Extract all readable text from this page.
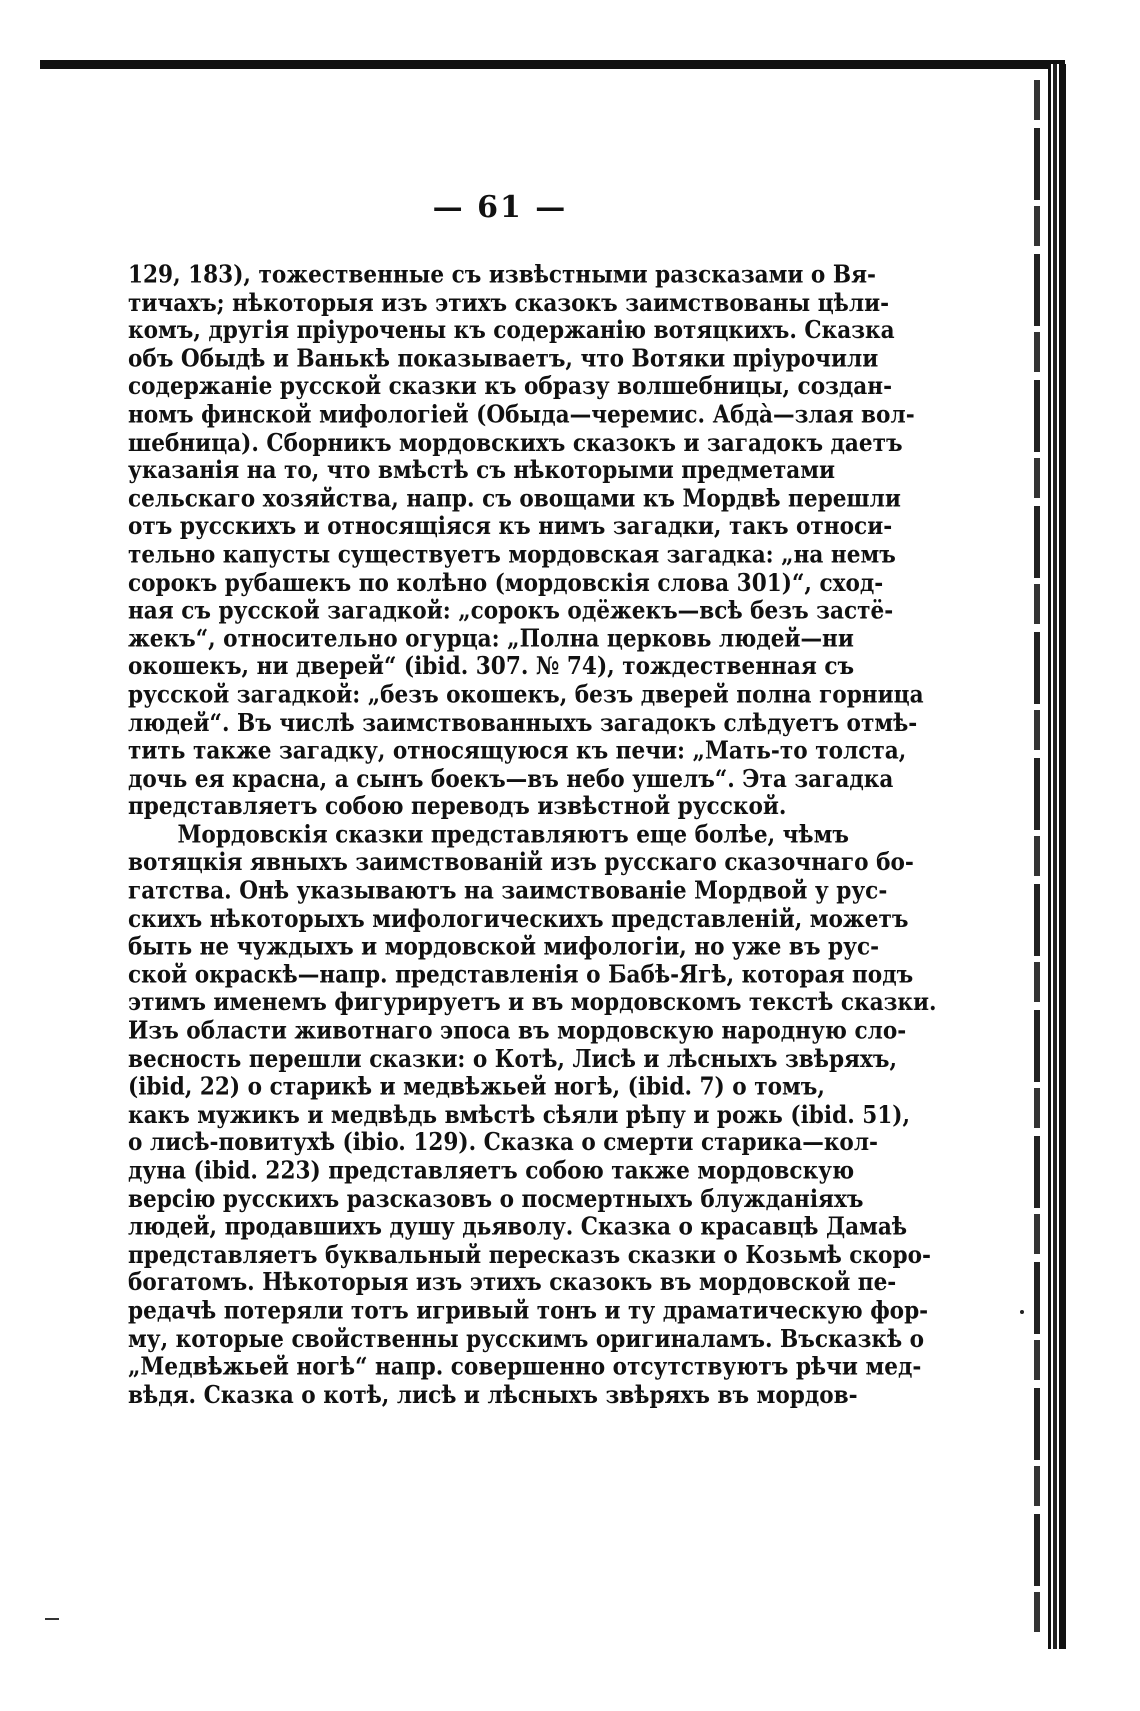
— 61 —
129, 183), тожественные съ извѣстными разсказами о Вя-
тичахъ; нѣкоторыя изъ этихъ сказокъ заимствованы цѣли-
комъ, другія пріурочены къ содержанію вотяцкихъ. Сказка
объ Обыдѣ и Ванькѣ показываетъ, что Вотяки пріурочили
содержаніе русской сказки къ образу волшебницы, создан-
номъ финской мифологіей (Обыда—черемис. Абдà—злая вол-
шебница). Сборникъ мордовскихъ сказокъ и загадокъ даетъ
указанія на то, что вмѣстѣ съ нѣкоторыми предметами
сельскаго хозяйства, напр. съ овощами къ Мордвѣ перешли
отъ русскихъ и относящіяся къ нимъ загадки, такъ относи-
тельно капусты существуетъ мордовская загадка: „на немъ
сорокъ рубашекъ по колѣно (мордовскія слова 301)“, сход-
ная съ русской загадкой: „сорокъ одёжекъ—всѣ безъ застё-
жекъ“, относительно огурца: „Полна церковь людей—ни
окошекъ, ни дверей“ (ibid. 307. № 74), тождественная съ
русской загадкой: „безъ окошекъ, безъ дверей полна горница
людей“. Въ числѣ заимствованныхъ загадокъ слѣдуетъ отмѣ-
тить также загадку, относящуюся къ печи: „Мать-то толста,
дочь ея красна, а сынъ боекъ—въ небо ушелъ“. Эта загадка
представляетъ собою переводъ извѣстной русской.
Мордовскія сказки представляютъ еще болѣе, чѣмъ
вотяцкія явныхъ заимствованій изъ русскаго сказочнаго бо-
гатства. Онѣ указываютъ на заимствованіе Мордвой у рус-
скихъ нѣкоторыхъ мифологическихъ представленій, можетъ
быть не чуждыхъ и мордовской мифологіи, но уже въ рус-
ской окраскѣ—напр. представленія о Бабѣ-Ягѣ, которая подъ
этимъ именемъ фигурируетъ и въ мордовскомъ текстѣ сказки.
Изъ области животнаго эпоса въ мордовскую народную сло-
весность перешли сказки: о Котѣ, Лисѣ и лѣсныхъ звѣряхъ,
(ibid, 22) о старикѣ и медвѣжьей ногѣ, (ibid. 7) о томъ,
какъ мужикъ и медвѣдь вмѣстѣ сѣяли рѣпу и рожь (ibid. 51),
о лисѣ-повитухѣ (ibio. 129). Сказка о смерти старика—кол-
дуна (ibid. 223) представляетъ собою также мордовскую
версію русскихъ разсказовъ о посмертныхъ блужданіяхъ
людей, продавшихъ душу дьяволу. Сказка о красавцѣ Дамаѣ
представляетъ буквальный пересказъ сказки о Козьмѣ скоро-
богатомъ. Нѣкоторыя изъ этихъ сказокъ въ мордовской пе-
редачѣ потеряли тотъ игривый тонъ и ту драматическую фор-
му, которые свойственны русскимъ оригиналамъ. Въсказкѣ о
„Медвѣжьей ногѣ“ напр. совершенно отсутствуютъ рѣчи мед-
вѣдя. Сказка о котѣ, лисѣ и лѣсныхъ звѣряхъ въ мордов-
